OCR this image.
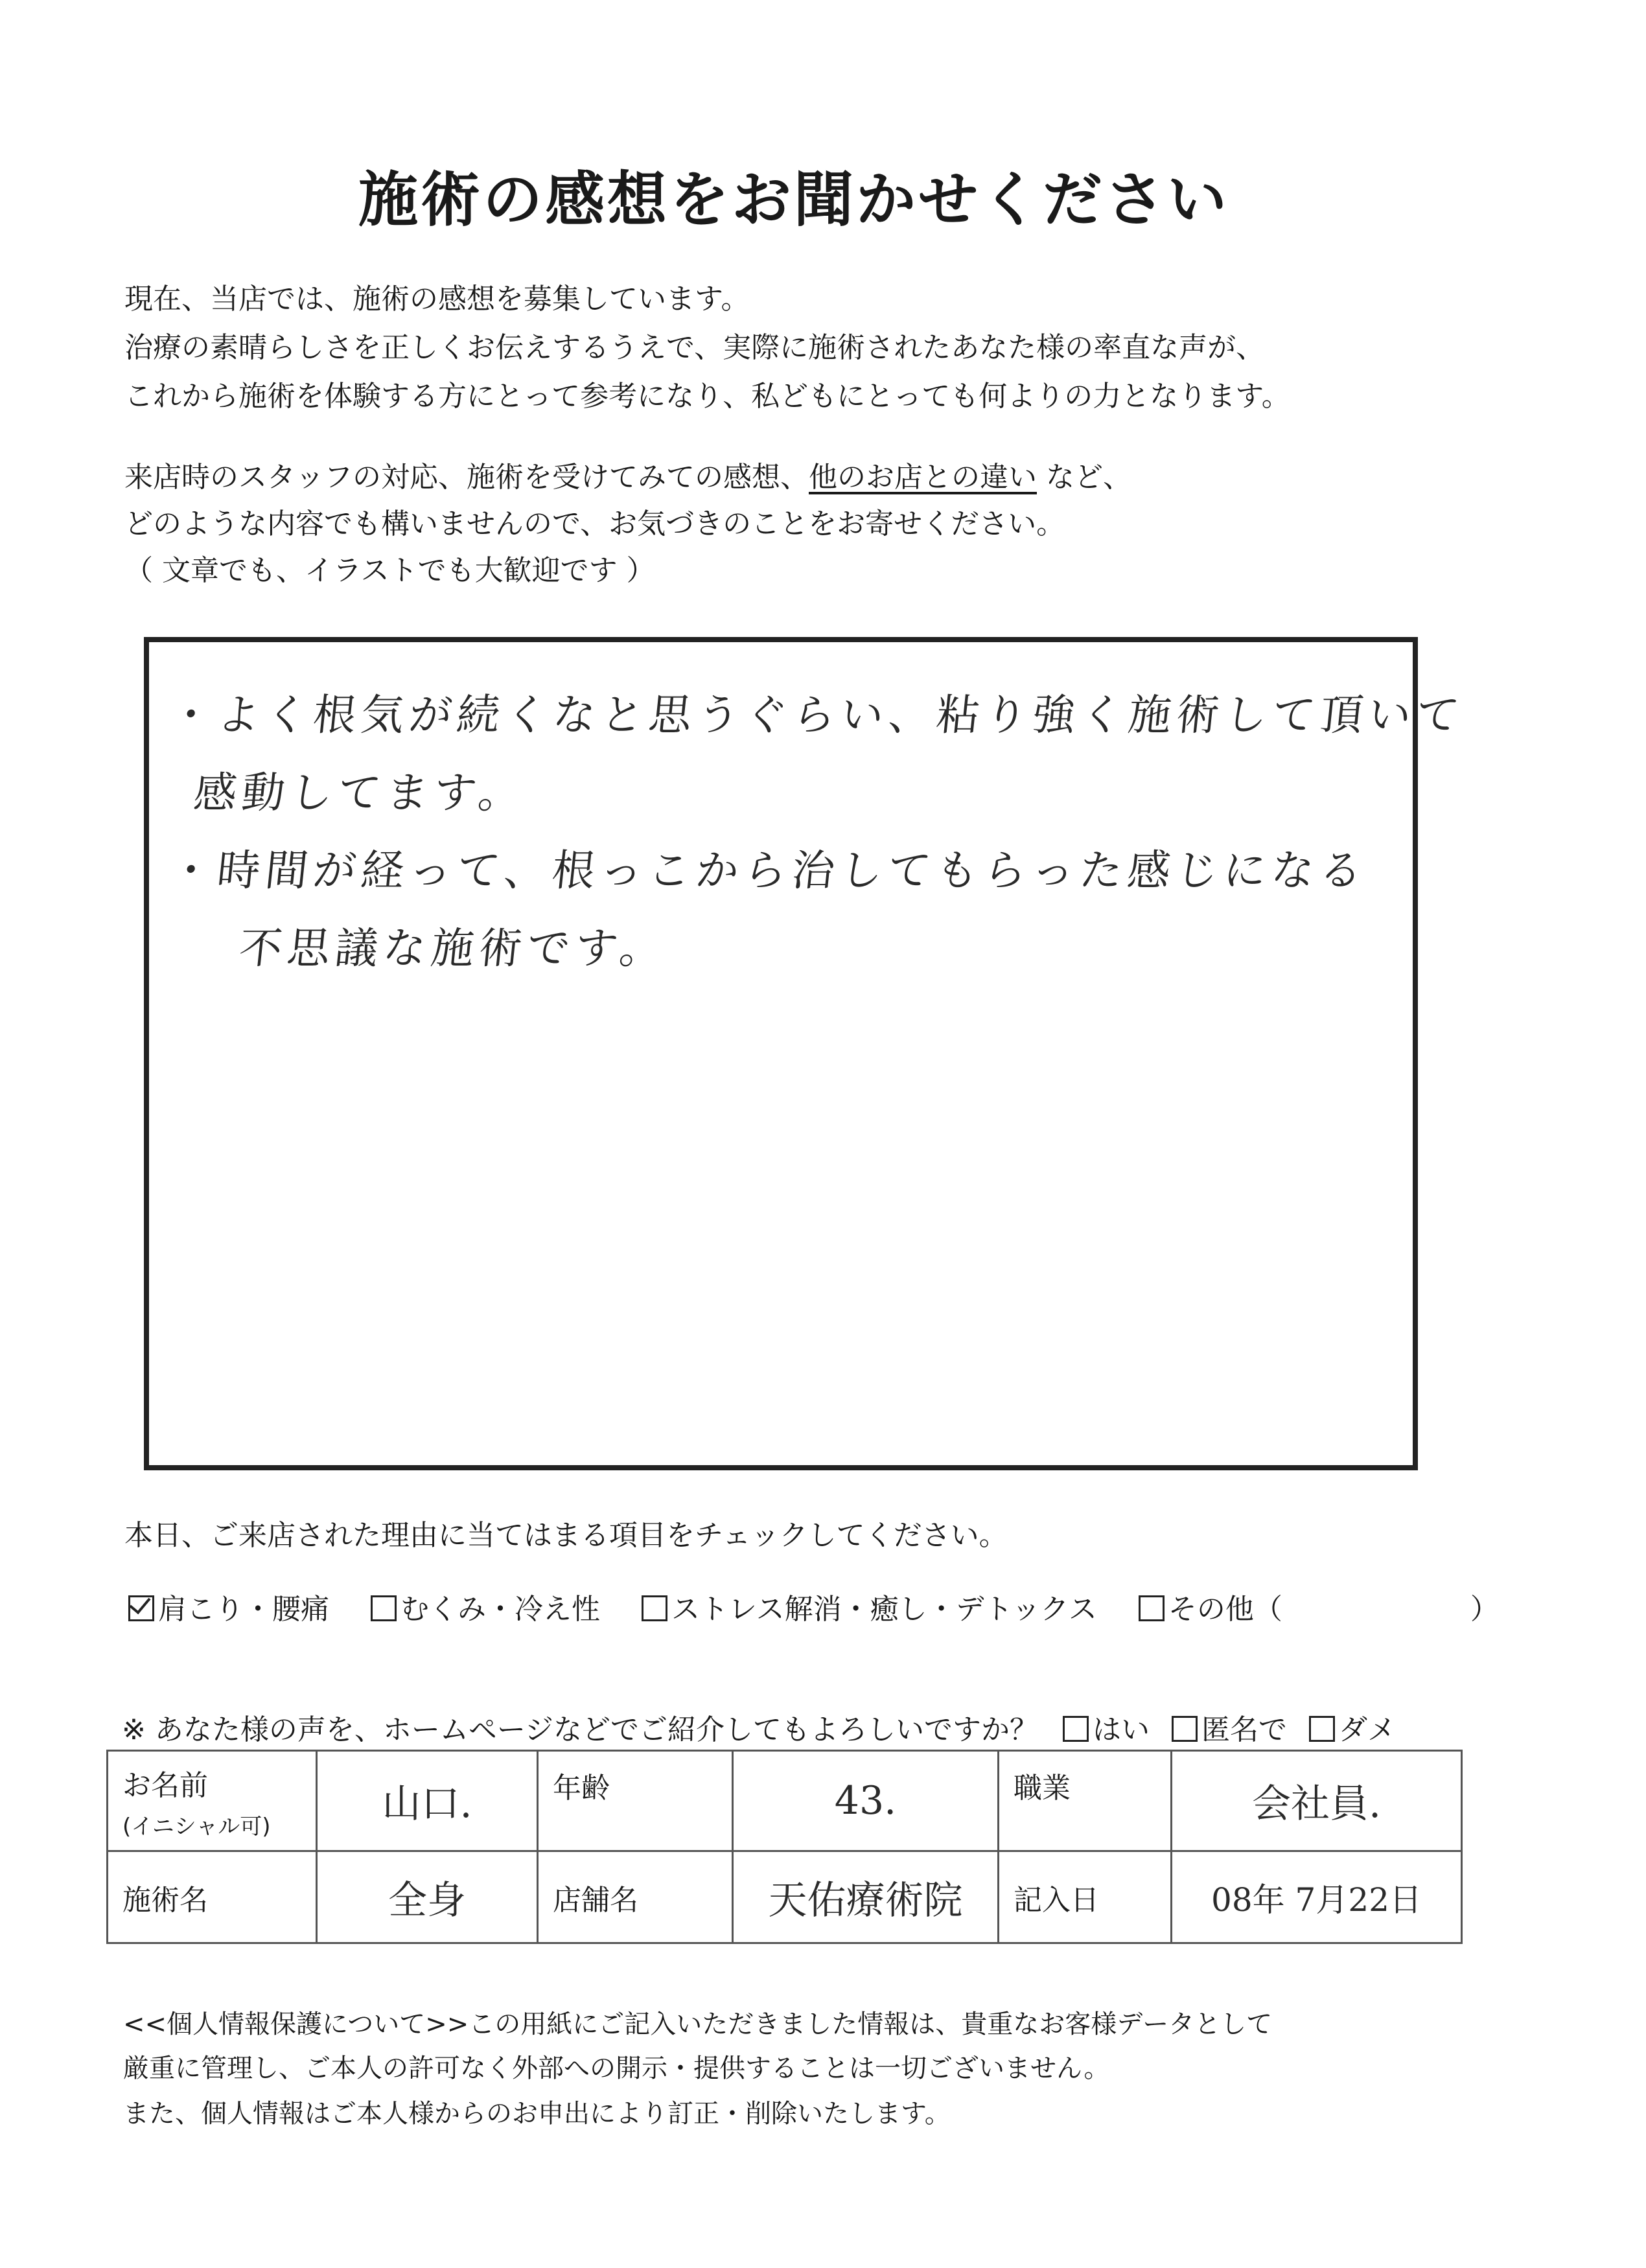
施術の感想をお聞かせください
現在、当店では、施術の感想を募集しています。
治療の素晴らしさを正しくお伝えするうえで、実際に施術されたあなた様の率直な声が、
これから施術を体験する方にとって参考になり、私どもにとっても何よりの力となります。
来店時のスタッフの対応、施術を受けてみての感想、他のお店との違い など、
どのような内容でも構いませんので、お気づきのことをお寄せください。
（ 文章でも、イラストでも大歓迎です ）
・よく根気が続くなと思うぐらい、粘り強く施術して頂いて
感動してます。
・時間が経って、根っこから治してもらった感じになる
不思議な施術です。
本日、ご来店された理由に当てはまる項目をチェックしてください。
肩こり・腰痛	むくみ・冷え性	ストレス解消・癒し・デトックス	その他（	）
※ あなた様の声を、ホームページなどでご紹介してもよろしいですか？ はい 匿名で ダメ
お名前
(イニシャル可)	山口.	年齢	43.	職業	会社員.
施術名	全身	店舗名	天佑療術院	記入日	08年 7月22日
<<個人情報保護について>>この用紙にご記入いただきました情報は、貴重なお客様データとして
厳重に管理し、ご本人の許可なく外部への開示・提供することは一切ございません。
また、個人情報はご本人様からのお申出により訂正・削除いたします。
